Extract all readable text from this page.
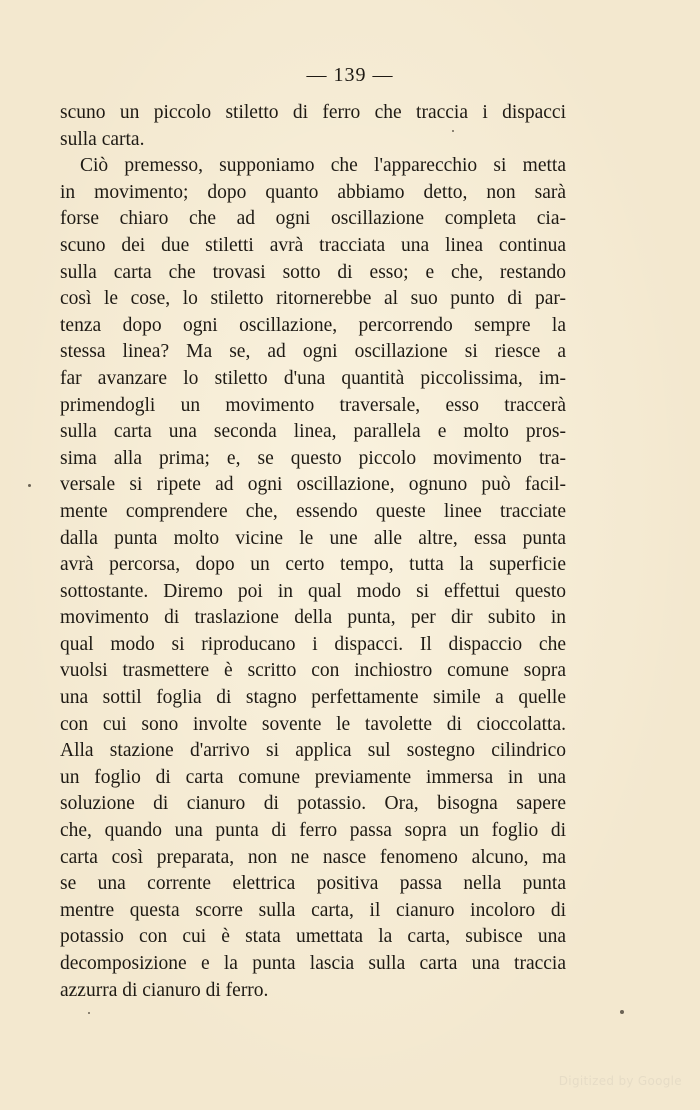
— 139 —
scuno un piccolo stiletto di ferro che traccia i dispacci
sulla carta.
Ciò premesso, supponiamo che l'apparecchio si metta
in movimento; dopo quanto abbiamo detto, non sarà
forse chiaro che ad ogni oscillazione completa cia-
scuno dei due stiletti avrà tracciata una linea continua
sulla carta che trovasi sotto di esso; e che, restando
così le cose, lo stiletto ritornerebbe al suo punto di par-
tenza dopo ogni oscillazione, percorrendo sempre la
stessa linea? Ma se, ad ogni oscillazione si riesce a
far avanzare lo stiletto d'una quantità piccolissima, im-
primendogli un movimento traversale, esso traccerà
sulla carta una seconda linea, parallela e molto pros-
sima alla prima; e, se questo piccolo movimento tra-
versale si ripete ad ogni oscillazione, ognuno può facil-
mente comprendere che, essendo queste linee tracciate
dalla punta molto vicine le une alle altre, essa punta
avrà percorsa, dopo un certo tempo, tutta la superficie
sottostante. Diremo poi in qual modo si effettui questo
movimento di traslazione della punta, per dir subito in
qual modo si riproducano i dispacci. Il dispaccio che
vuolsi trasmettere è scritto con inchiostro comune sopra
una sottil foglia di stagno perfettamente simile a quelle
con cui sono involte sovente le tavolette di cioccolatta.
Alla stazione d'arrivo si applica sul sostegno cilindrico
un foglio di carta comune previamente immersa in una
soluzione di cianuro di potassio. Ora, bisogna sapere
che, quando una punta di ferro passa sopra un foglio di
carta così preparata, non ne nasce fenomeno alcuno, ma
se una corrente elettrica positiva passa nella punta
mentre questa scorre sulla carta, il cianuro incoloro di
potassio con cui è stata umettata la carta, subisce una
decomposizione e la punta lascia sulla carta una traccia
azzurra di cianuro di ferro.
Digitized by Google
